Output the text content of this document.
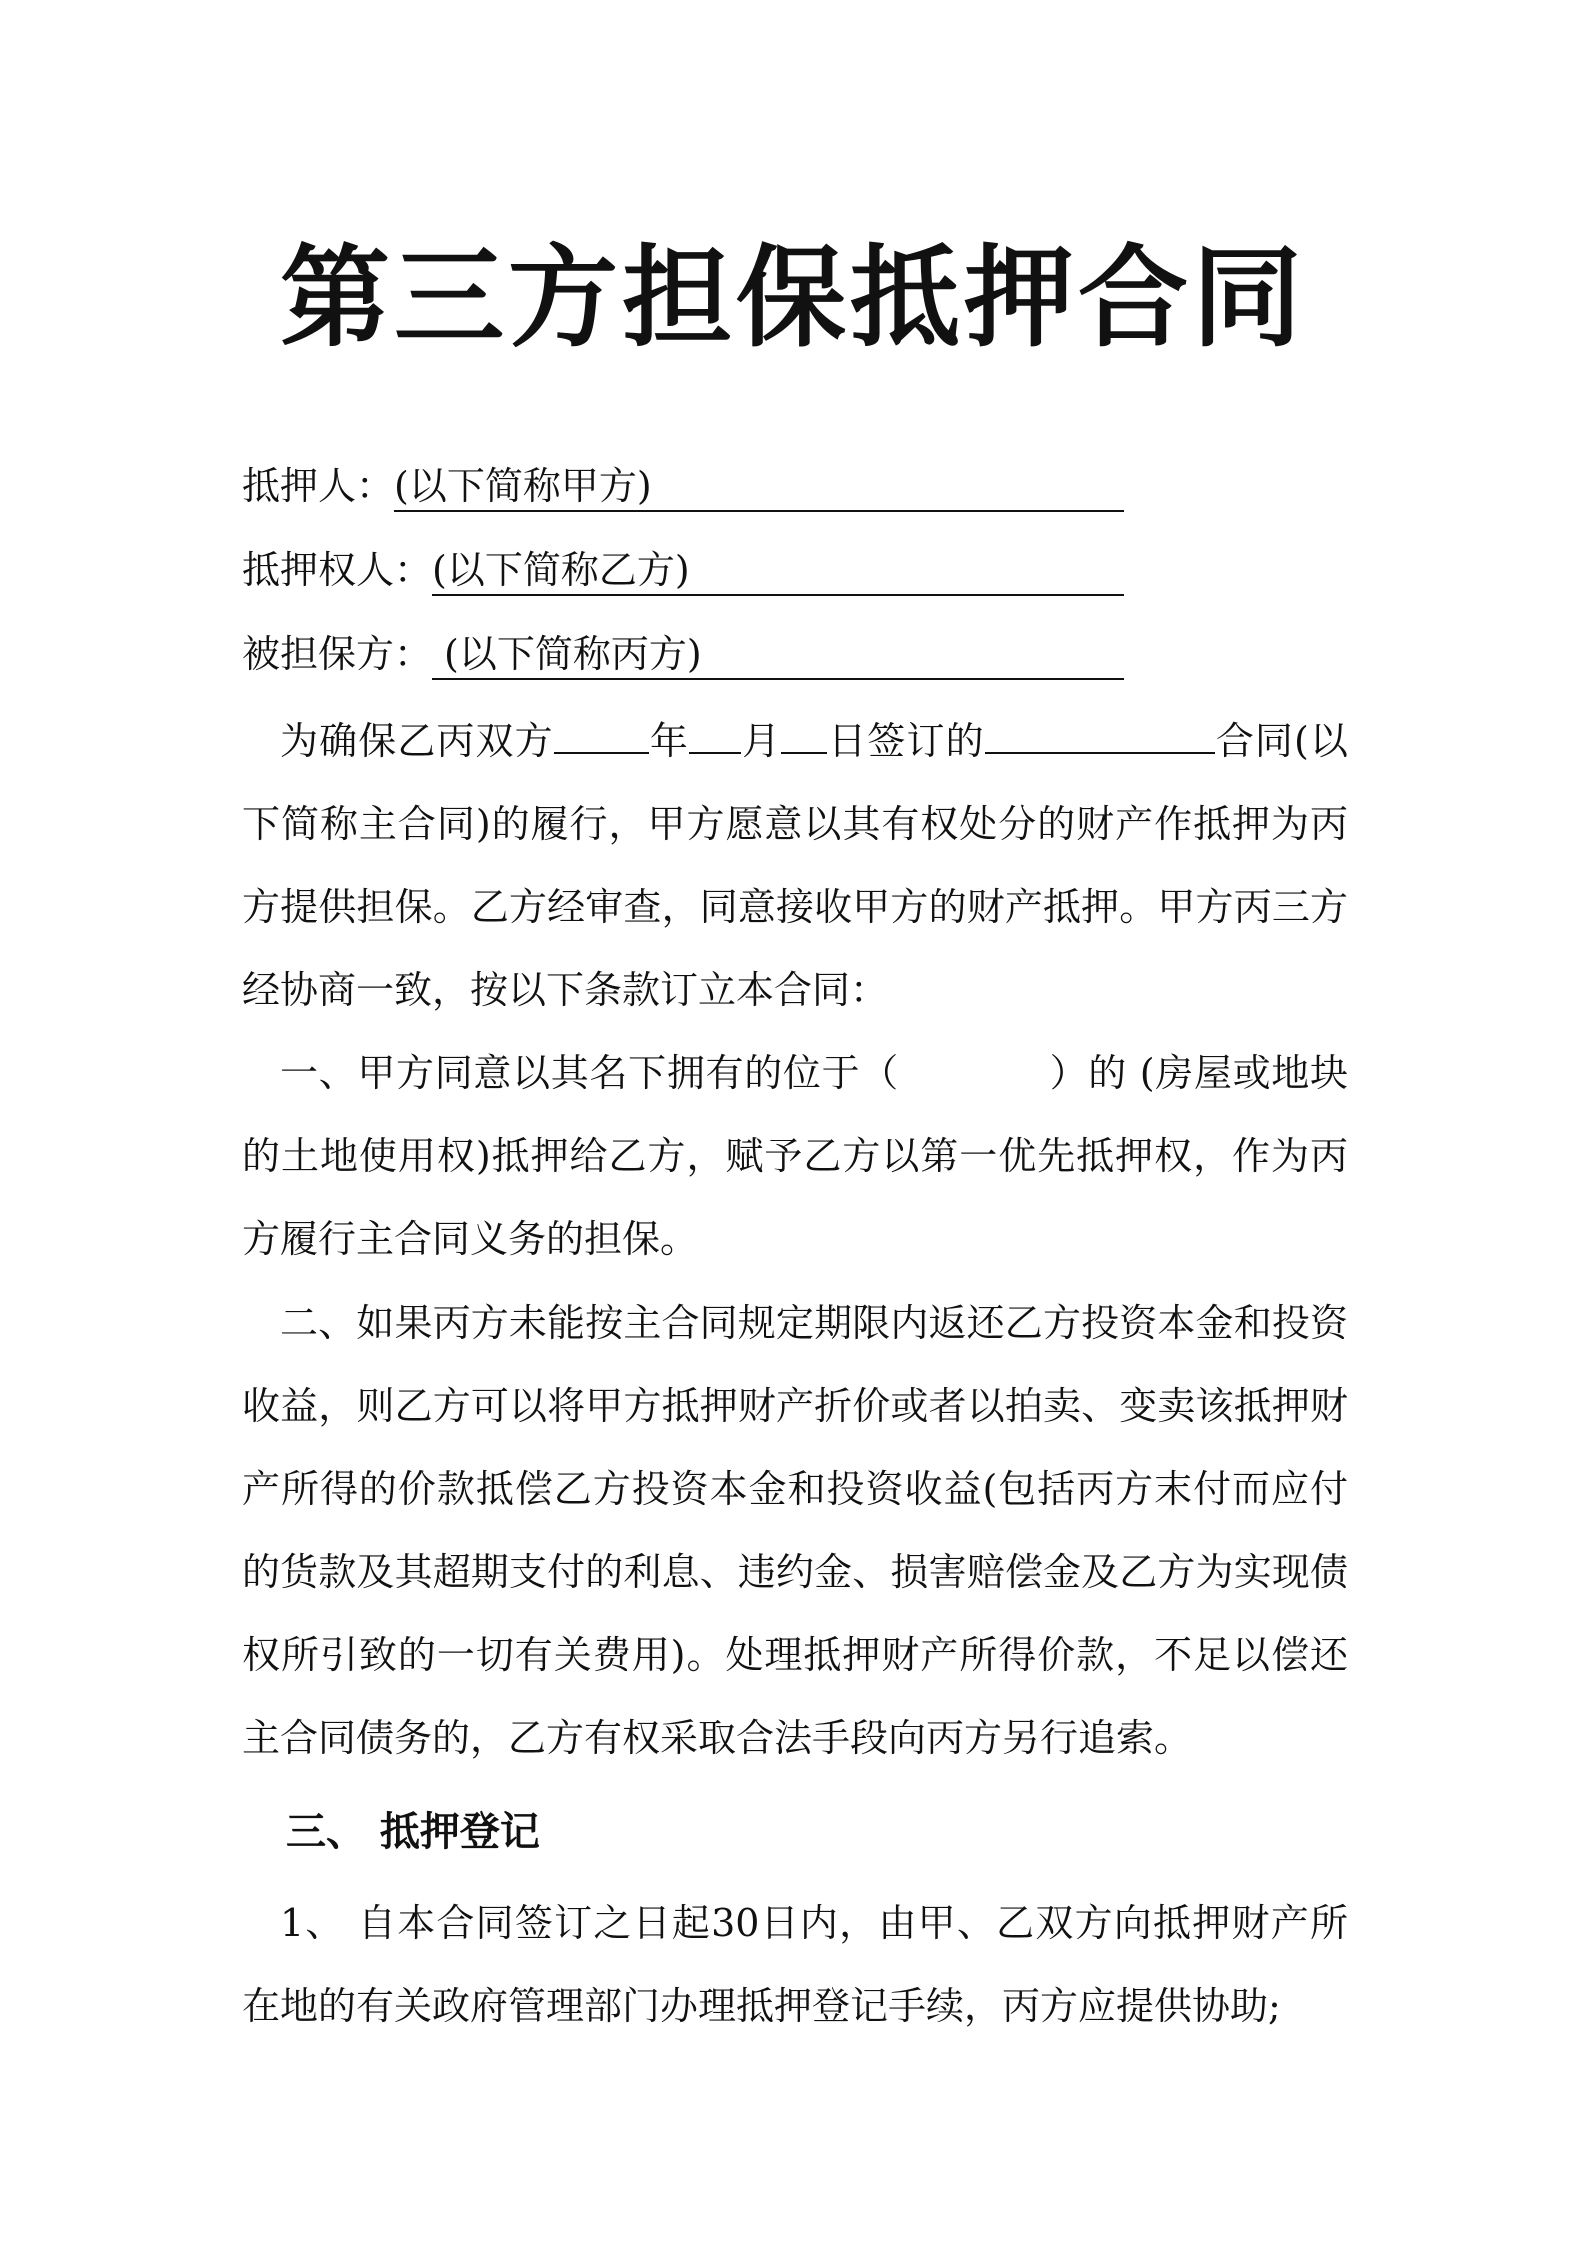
第三方担保抵押合同
抵押人：(以下简称甲方)
抵押权人：(以下简称乙方)
被担保方： (以下简称丙方)

为确保乙丙双方	年 月 日签订的	合同(以下简称主合同)的履行，甲方愿意以其有权处分的财产作抵押为丙方提供担保。乙方经审查，同意接收甲方的财产抵押。甲方丙三方经协商一致，按以下条款订立本合同：

一、甲方同意以其名下拥有的位于（	）的 (房屋或地块的土地使用权)抵押给乙方，赋予乙方以第一优先抵押权，作为丙方履行主合同义务的担保。

二、如果丙方未能按主合同规定期限内返还乙方投资本金和投资收益，则乙方可以将甲方抵押财产折价或者以拍卖、变卖该抵押财产所得的价款抵偿乙方投资本金和投资收益(包括丙方末付而应付的货款及其超期支付的利息、违约金、损害赔偿金及乙方为实现债权所引致的一切有关费用)。处理抵押财产所得价款，不足以偿还主合同债务的，乙方有权采取合法手段向丙方另行追索。

三、 抵押登记

1、 自本合同签订之日起30日内，由甲、乙双方向抵押财产所在地的有关政府管理部门办理抵押登记手续，丙方应提供协助;
